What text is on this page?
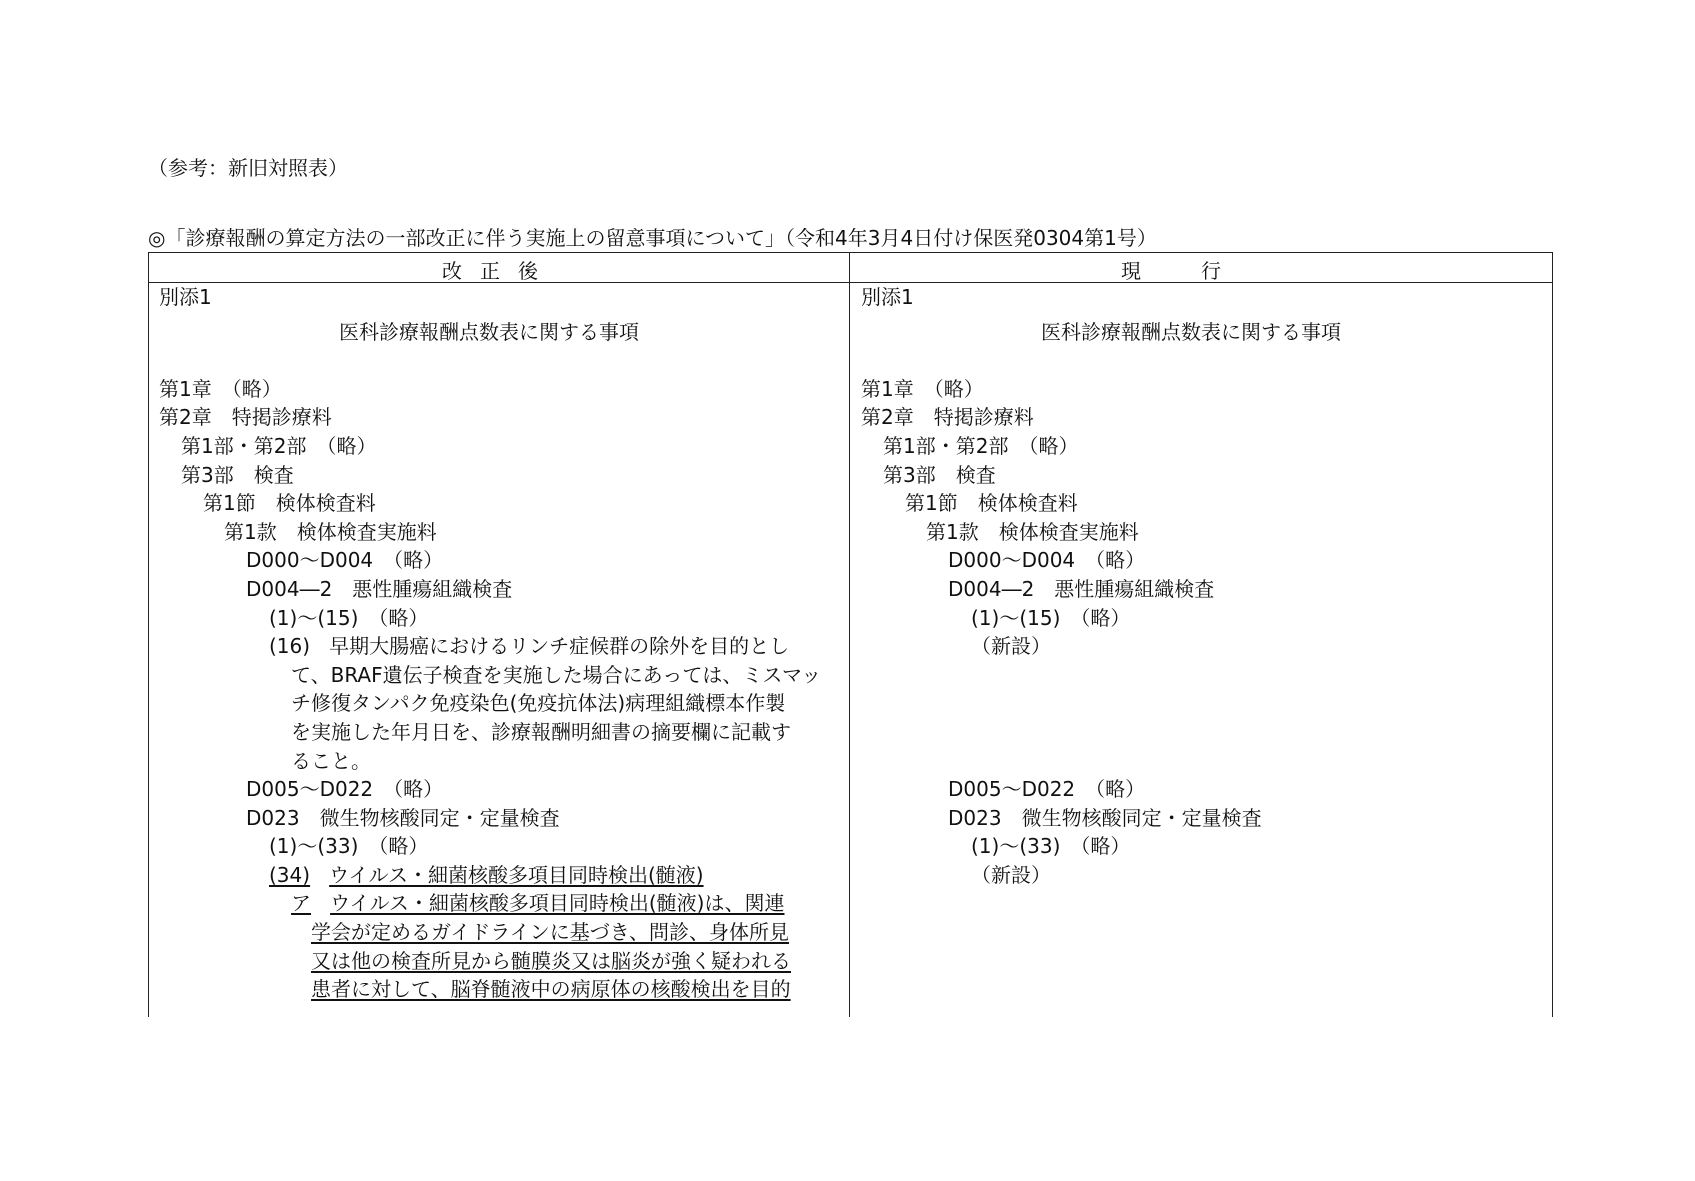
（参考：新旧対照表）
◎「診療報酬の算定方法の一部改正に伴う実施上の留意事項について」（令和4年3月4日付け保医発0304第1号）
改正後	現行
別添1
医科診療報酬点数表に関する事項
第1章　（略）
第2章　特掲診療料
第1部・第2部　（略）
第3部　検査
第1節　検体検査料
第1款　検体検査実施料
D000～D004　（略）
D004―2　悪性腫瘍組織検査
(1)～(15)　（略）
(16) 早期大腸癌におけるリンチ症候群の除外を目的とし
て、BRAF遺伝子検査を実施した場合にあっては、ミスマッ
チ修復タンパク免疫染色(免疫抗体法)病理組織標本作製
を実施した年月日を、診療報酬明細書の摘要欄に記載す
ること。
D005～D022　（略）
D023　微生物核酸同定・定量検査
(1)～(33)　（略）
(34) ウイルス・細菌核酸多項目同時検出(髄液)
ア ウイルス・細菌核酸多項目同時検出(髄液)は、関連
学会が定めるガイドラインに基づき、問診、身体所見
又は他の検査所見から髄膜炎又は脳炎が強く疑われる
患者に対して、脳脊髄液中の病原体の核酸検出を目的
別添1
医科診療報酬点数表に関する事項
第1章　（略）
第2章　特掲診療料
第1部・第2部　（略）
第3部　検査
第1節　検体検査料
第1款　検体検査実施料
D000～D004　（略）
D004―2　悪性腫瘍組織検査
(1)～(15)　（略）
（新設）
D005～D022　（略）
D023　微生物核酸同定・定量検査
(1)～(33)　（略）
（新設）
